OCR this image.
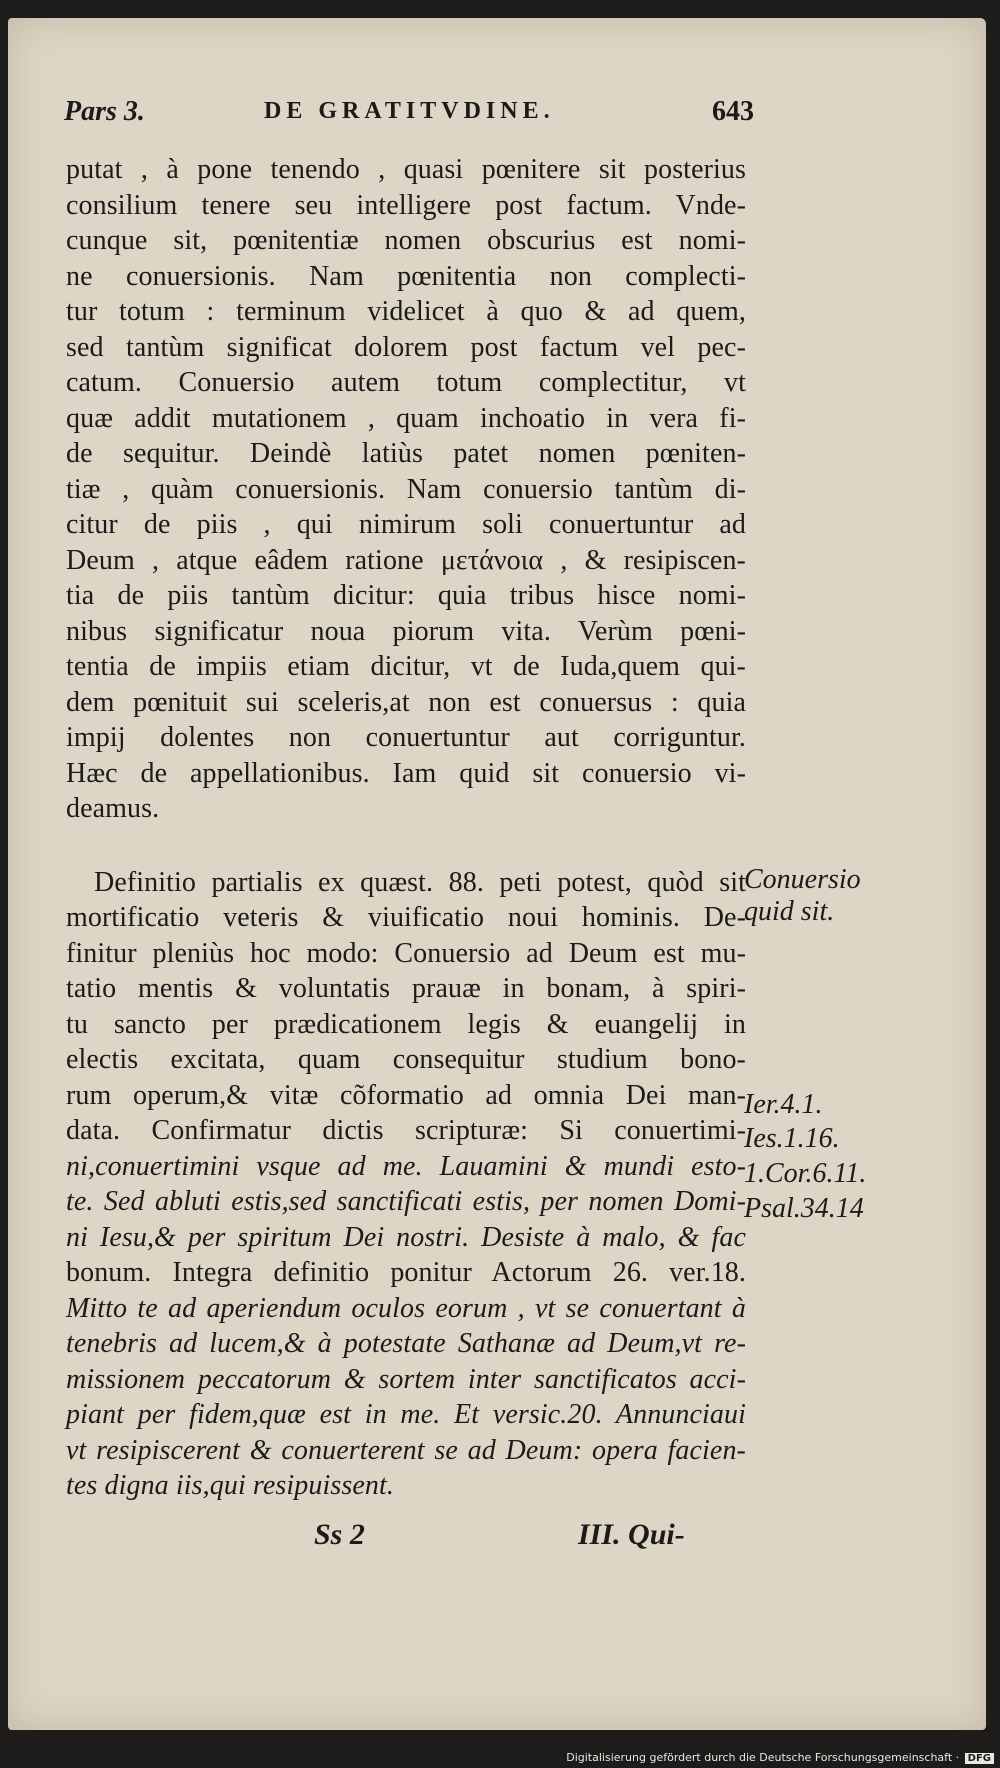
Pars 3.	DE GRATITVDINE.	643
putat , à pone tenendo , quasi pœnitere sit posterius
consilium tenere seu intelligere post factum. Vnde-
cunque sit, pœnitentiæ nomen obscurius est nomi-
ne conuersionis. Nam pœnitentia non complecti-
tur totum : terminum videlicet à quo & ad quem,
sed tantùm significat dolorem post factum vel pec-
catum. Conuersio autem totum complectitur, vt
quæ addit mutationem , quam inchoatio in vera fi-
de sequitur. Deindè latiùs patet nomen pœniten-
tiæ , quàm conuersionis. Nam conuersio tantùm di-
citur de piis , qui nimirum soli conuertuntur ad
Deum , atque eâdem ratione μετάνοια , & resipiscen-
tia de piis tantùm dicitur: quia tribus hisce nomi-
nibus significatur noua piorum vita. Verùm pœni-
tentia de impiis etiam dicitur, vt de Iuda,quem qui-
dem pœnituit sui sceleris,at non est conuersus : quia
impij dolentes non conuertuntur aut corriguntur.
Hæc de appellationibus. Iam quid sit conuersio vi-
deamus.
Definitio partialis ex quæst. 88. peti potest, quòd sit
mortificatio veteris & viuificatio noui hominis. De-
finitur pleniùs hoc modo: Conuersio ad Deum est mu-
tatio mentis & voluntatis prauæ in bonam, à spiri-
tu sancto per prædicationem legis & euangelij in
electis excitata, quam consequitur studium bono-
rum operum,& vitæ cõformatio ad omnia Dei man-
data. Confirmatur dictis scripturæ: Si conuertimi-
ni,conuertimini vsque ad me. Lauamini & mundi esto-
te. Sed abluti estis,sed sanctificati estis, per nomen Domi-
ni Iesu,& per spiritum Dei nostri. Desiste à malo, & fac
bonum. Integra definitio ponitur Actorum 26. ver.18.
Mitto te ad aperiendum oculos eorum , vt se conuertant à
tenebris ad lucem,& à potestate Sathanæ ad Deum,vt re-
missionem peccatorum & sortem inter sanctificatos acci-
piant per fidem,quæ est in me. Et versic.20. Annunciaui
vt resipiscerent & conuerterent se ad Deum: opera facien-
tes digna iis,qui resipuissent.
Conuersio
quid sit.
Ier.4.1.
Ies.1.16.
1.Cor.6.11.
Psal.34.14
Ss 2	III. Qui-
Digitalisierung gefördert durch die Deutsche Forschungsgemeinschaft · DFG
